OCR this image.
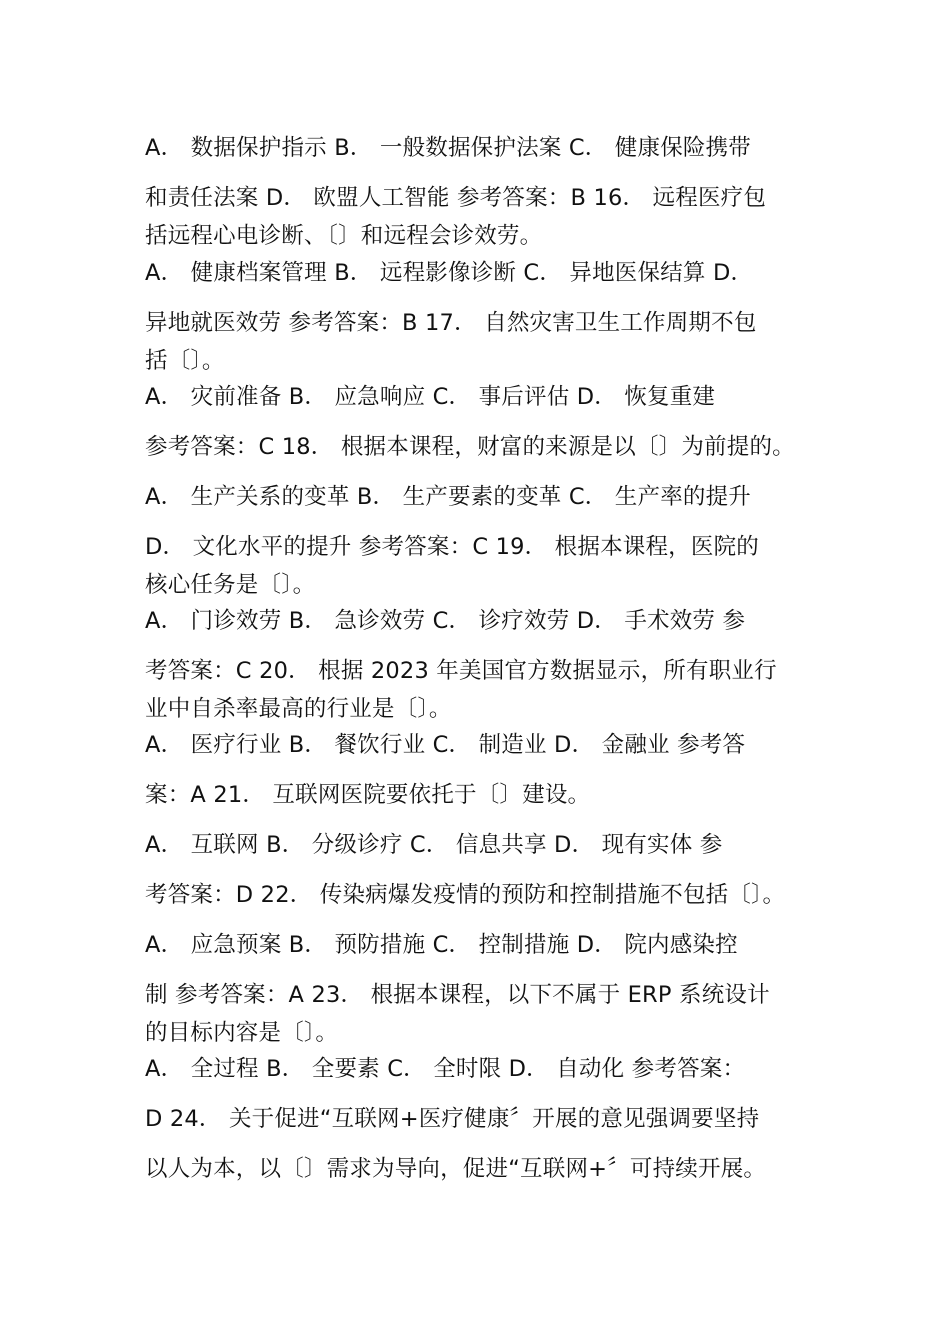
A． 数据保护指示 B． 一般数据保护法案 C． 健康保险携带
和责任法案 D． 欧盟人工智能 参考答案：B 16． 远程医疗包
括远程心电诊断、〔〕和远程会诊效劳。
A． 健康档案管理 B． 远程影像诊断 C． 异地医保结算 D．
异地就医效劳 参考答案：B 17． 自然灾害卫生工作周期不包
括〔〕。
A． 灾前准备 B． 应急响应 C． 事后评估 D． 恢复重建
参考答案：C 18． 根据本课程，财富的来源是以〔〕为前提的。
A． 生产关系的变革 B． 生产要素的变革 C． 生产率的提升
D． 文化水平的提升 参考答案：C 19． 根据本课程，医院的
核心任务是〔〕。
A． 门诊效劳 B． 急诊效劳 C． 诊疗效劳 D． 手术效劳 参
考答案：C 20． 根据 2023 年美国官方数据显示，所有职业行
业中自杀率最高的行业是〔〕。
A． 医疗行业 B． 餐饮行业 C． 制造业 D． 金融业 参考答
案：A 21． 互联网医院要依托于〔〕建设。
A． 互联网 B． 分级诊疗 C． 信息共享 D． 现有实体 参
考答案：D 22． 传染病爆发疫情的预防和控制措施不包括〔〕。
A． 应急预案 B． 预防措施 C． 控制措施 D． 院内感染控
制 参考答案：A 23． 根据本课程，以下不属于 ERP 系统设计
的目标内容是〔〕。
A． 全过程 B． 全要素 C． 全时限 D． 自动化 参考答案：
D 24． 关于促进“互联网+医疗健康〞开展的意见强调要坚持
以人为本，以〔〕需求为导向，促进“互联网+〞可持续开展。
